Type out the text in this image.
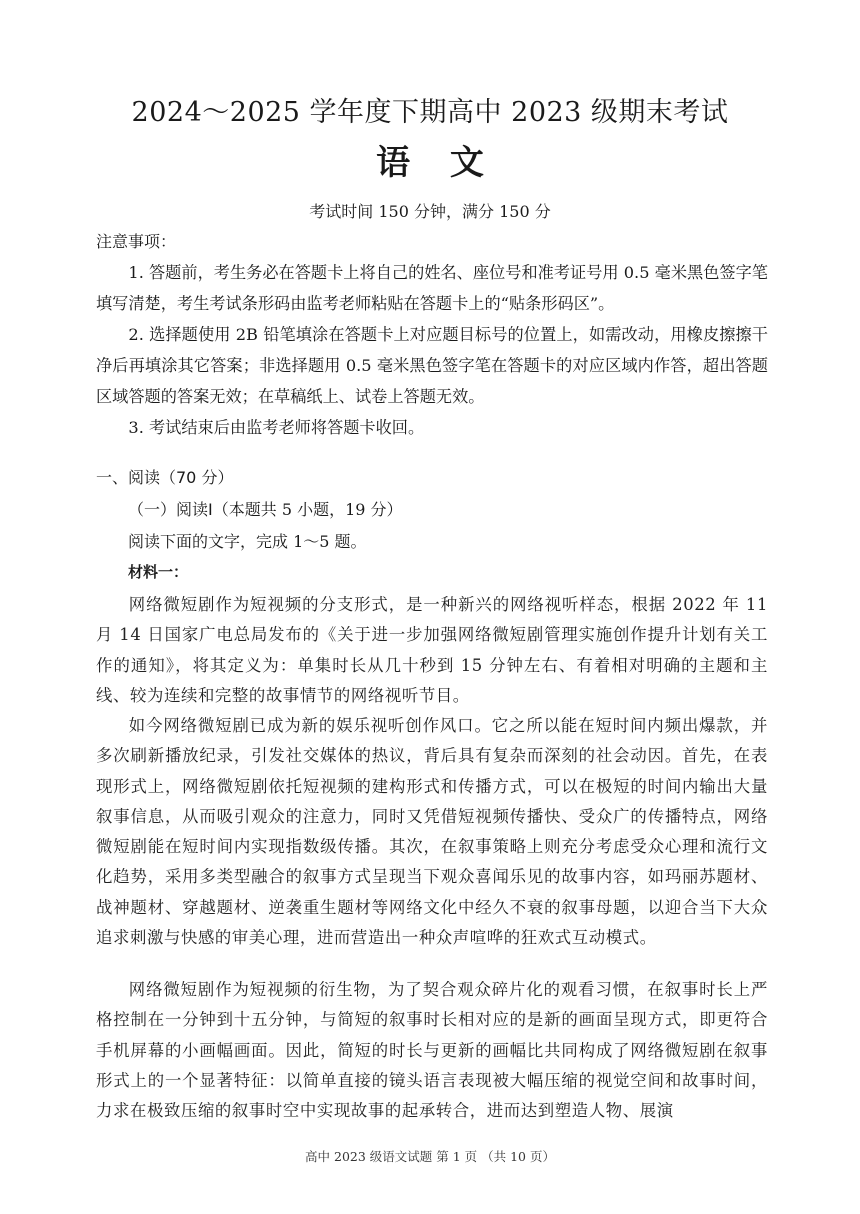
2024～2025 学年度下期高中 2023 级期末考试
语 文
考试时间 150 分钟，满分 150 分
注意事项：

1. 答题前，考生务必在答题卡上将自己的姓名、座位号和准考证号用 0.5 毫米黑色签字笔填写清楚，考生考试条形码由监考老师粘贴在答题卡上的“贴条形码区”。

2. 选择题使用 2B 铅笔填涂在答题卡上对应题目标号的位置上，如需改动，用橡皮擦擦干净后再填涂其它答案；非选择题用 0.5 毫米黑色签字笔在答题卡的对应区域内作答，超出答题区域答题的答案无效；在草稿纸上、试卷上答题无效。

3. 考试结束后由监考老师将答题卡收回。

一、阅读（70 分）
（一）阅读Ⅰ（本题共 5 小题，19 分）
阅读下面的文字，完成 1～5 题。
材料一：

网络微短剧作为短视频的分支形式，是一种新兴的网络视听样态，根据 2022 年 11 月 14 日国家广电总局发布的《关于进一步加强网络微短剧管理实施创作提升计划有关工作的通知》，将其定义为：单集时长从几十秒到 15 分钟左右、有着相对明确的主题和主线、较为连续和完整的故事情节的网络视听节目。

如今网络微短剧已成为新的娱乐视听创作风口。它之所以能在短时间内频出爆款，并多次刷新播放纪录，引发社交媒体的热议，背后具有复杂而深刻的社会动因。首先，在表现形式上，网络微短剧依托短视频的建构形式和传播方式，可以在极短的时间内输出大量叙事信息，从而吸引观众的注意力，同时又凭借短视频传播快、受众广的传播特点，网络微短剧能在短时间内实现指数级传播。其次，在叙事策略上则充分考虑受众心理和流行文化趋势，采用多类型融合的叙事方式呈现当下观众喜闻乐见的故事内容，如玛丽苏题材、战神题材、穿越题材、逆袭重生题材等网络文化中经久不衰的叙事母题，以迎合当下大众追求刺激与快感的审美心理，进而营造出一种众声喧哗的狂欢式互动模式。

网络微短剧作为短视频的衍生物，为了契合观众碎片化的观看习惯，在叙事时长上严格控制在一分钟到十五分钟，与简短的叙事时长相对应的是新的画面呈现方式，即更符合手机屏幕的小画幅画面。因此，简短的时长与更新的画幅比共同构成了网络微短剧在叙事形式上的一个显著特征：以简单直接的镜头语言表现被大幅压缩的视觉空间和故事时间，力求在极致压缩的叙事时空中实现故事的起承转合，进而达到塑造人物、展演

高中 2023 级语文试题 第 1 页 （共 10 页）
